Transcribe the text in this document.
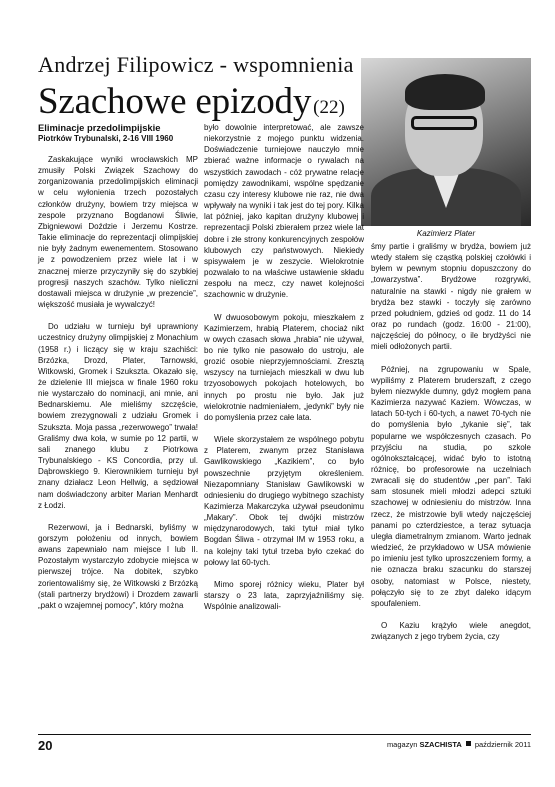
Andrzej Filipowicz - wspomnienia
Szachowe epizody (22)
Kazimierz Plater
Eliminacje przedolimpijskie
Piotrków Trybunalski, 2-16 VIII 1960

Zaskakujące wyniki wrocławskich MP zmusiły Polski Związek Szachowy do zorganizowania przedolimpijskich eliminacji w celu wyłonienia trzech pozostałych członków drużyny, bowiem trzy miejsca w zespole przyznano Bogdanowi Śliwie, Zbigniewowi Doździe i Jerzemu Kostrze. Takie eliminacje do reprezentacji olimpijskiej nie były żadnym ewenementem. Stosowano je z powodzeniem przez wiele lat i w znacznej mierze przyczyniły się do szybkiej progresji naszych szachów. Tylko nieliczni dostawali miejsca w drużynie „w prezencie”, większość musiała je wywalczyć!

Do udziału w turnieju był uprawniony uczestnicy drużyny olimpijskiej z Monachium (1958 r.) i liczący się w kraju szachiści: Brzózka, Drozd, Plater, Tarnowski, Witkowski, Gromek i Szukszta. Okazało się, że dzielenie III miejsca w finale 1960 roku nie wystarczało do nominacji, ani mnie, ani Bednarskiemu. Ale mieliśmy szczęście, bowiem zrezygnowali z udziału Gromek i Szukszta. Moja passa „rezerwowego” trwała! Graliśmy dwa koła, w sumie po 12 partii, w sali znanego klubu z Piotrkowa Trybunalskiego - KS Concordia, przy ul. Dąbrowskiego 9. Kierownikiem turnieju był znany działacz Leon Hellwig, a sędziował nam doświadczony arbiter Marian Menhardt z Łodzi.

Rezerwowi, ja i Bednarski, byliśmy w gorszym położeniu od innych, bowiem awans zapewniało nam miejsce I lub II. Pozostałym wystarczyło zdobycie miejsca w pierwszej trójce. Na dobitek, szybko zorientowaliśmy się, że Witkowski z Brzózką (stali partnerzy brydżowi) i Drozdem zawarli „pakt o wzajemnej pomocy”, który można

było dowolnie interpretować, ale zawsze niekorzystnie z mojego punktu widzenia. Doświadczenie turniejowe nauczyło mnie zbierać ważne informacje o rywalach na wszystkich zawodach - cóż prywatne relacje pomiędzy zawodnikami, wspólne spędzanie czasu czy interesy klubowe nie raz, nie dwa wpływały na wyniki i tak jest do tej pory. Kilka lat później, jako kapitan drużyny klubowej i reprezentacji Polski zbierałem przez wiele lat dobre i złe strony konkurencyjnych zespołów klubowych czy państwowych. Niekiedy spisywałem je w zeszycie. Wielokrotnie pozwalało to na właściwe ustawienie składu zespołu na mecz, czy nawet kolejności szachownic w drużynie.

W dwuosobowym pokoju, mieszkałem z Kazimierzem, hrabią Platerem, chociaż nikt w owych czasach słowa „hrabia” nie używał, bo nie tylko nie pasowało do ustroju, ale grozić osobie nieprzyjemnościami. Zresztą wszyscy na turniejach mieszkali w dwu lub trzyosobowych pokojach hotelowych, bo innych po prostu nie było. Jak już wielokrotnie nadmieniałem, „jedynki” były nie do pomyślenia przez całe lata.

Wiele skorzystałem ze wspólnego pobytu z Platerem, zwanym przez Stanisława Gawlikowskiego „Kazikiem”, co było powszechnie przyjętym określeniem. Niezapomniany Stanisław Gawlikowski w odniesieniu do drugiego wybitnego szachisty Kazimierza Makarczyka używał pseudonimu „Makary”. Obok tej dwójki mistrzów międzynarodowych, taki tytuł miał tylko Bogdan Śliwa - otrzymał IM w 1953 roku, a na kolejny taki tytuł trzeba było czekać do połowy lat 60-tych.

Mimo sporej różnicy wieku, Plater był starszy o 23 lata, zaprzyjaźniliśmy się. Wspólnie analizowali-

śmy partie i graliśmy w brydża, bowiem już wtedy stałem się cząstką polskiej czołówki i byłem w pewnym stopniu dopuszczony do „towarzystwa”. Brydżowe rozgrywki, naturalnie na stawki - nigdy nie grałem w brydża bez stawki - toczyły się zarówno przed południem, gdzieś od godz. 11 do 14 oraz po rundach (godz. 16:00 - 21:00), najczęściej do północy, o ile brydżyści nie mieli odłożonych partii.

Później, na zgrupowaniu w Spale, wypiliśmy z Platerem bruderszaft, z czego byłem niezwykle dumny, gdyż mogłem pana Kazimierza nazywać Kaziem. Wówczas, w latach 50-tych i 60-tych, a nawet 70-tych nie do pomyślenia było „tykanie się”, tak popularne we współczesnych czasach. Po przyjściu na studia, po szkole ogólnokształcącej, widać było to istotną różnicę, bo profesorowie na uczelniach zwracali się do studentów „per pan”. Taki sam stosunek mieli młodzi adepci sztuki szachowej w odniesieniu do mistrzów. Inna rzecz, że mistrzowie byli wtedy najczęściej panami po czterdziestce, a teraz sytuacja uległa diametralnym zmianom. Warto jednak wiedzieć, że przykładowo w USA mówienie po imieniu jest tylko uproszczeniem formy, a nie oznacza braku szacunku do starszej osoby, natomiast w Polsce, niestety, połączyło się to ze zbyt daleko idącym spoufaleniem.

O Kaziu krążyło wiele anegdot, związanych z jego trybem życia, czy

20	magazyn SZACHISTA październik 2011
